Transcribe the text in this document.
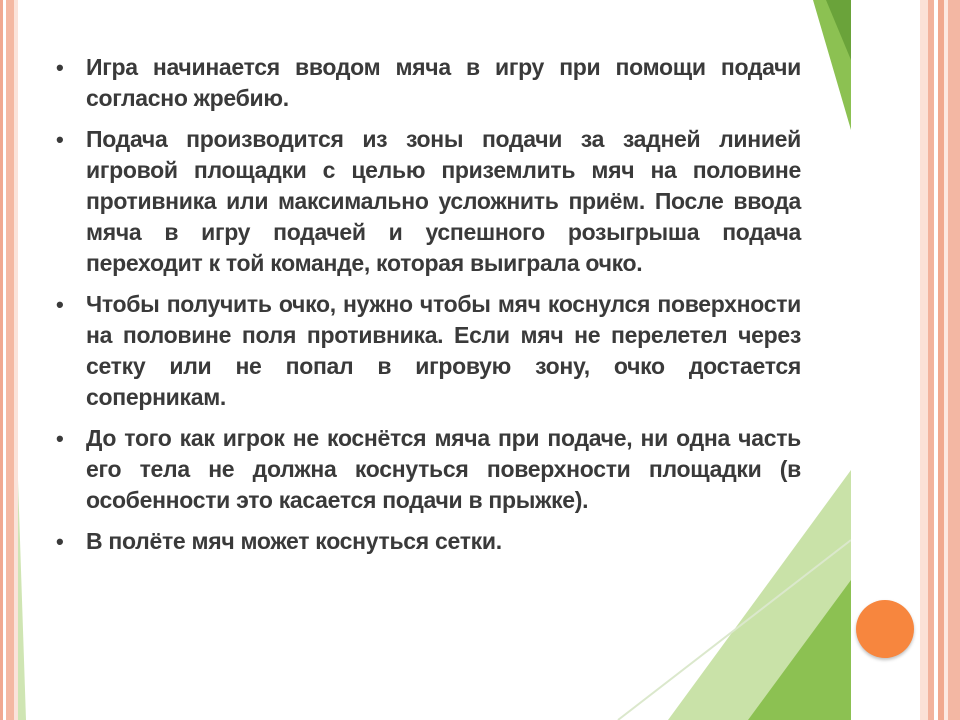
• Игра начинается вводом мяча в игру при помощи подачи согласно жребию.
• Подача производится из зоны подачи за задней линией игровой площадки с целью приземлить мяч на половине противника или максимально усложнить приём. После ввода мяча в игру подачей и успешного розыгрыша подача переходит к той команде, которая выиграла очко.
• Чтобы получить очко, нужно чтобы мяч коснулся поверхности на половине поля противника. Если мяч не перелетел через сетку или не попал в игровую зону, очко достается соперникам.
• До того как игрок не коснётся мяча при подаче, ни одна часть его тела не должна коснуться поверхности площадки (в особенности это касается подачи в прыжке).
• В полёте мяч может коснуться сетки.
